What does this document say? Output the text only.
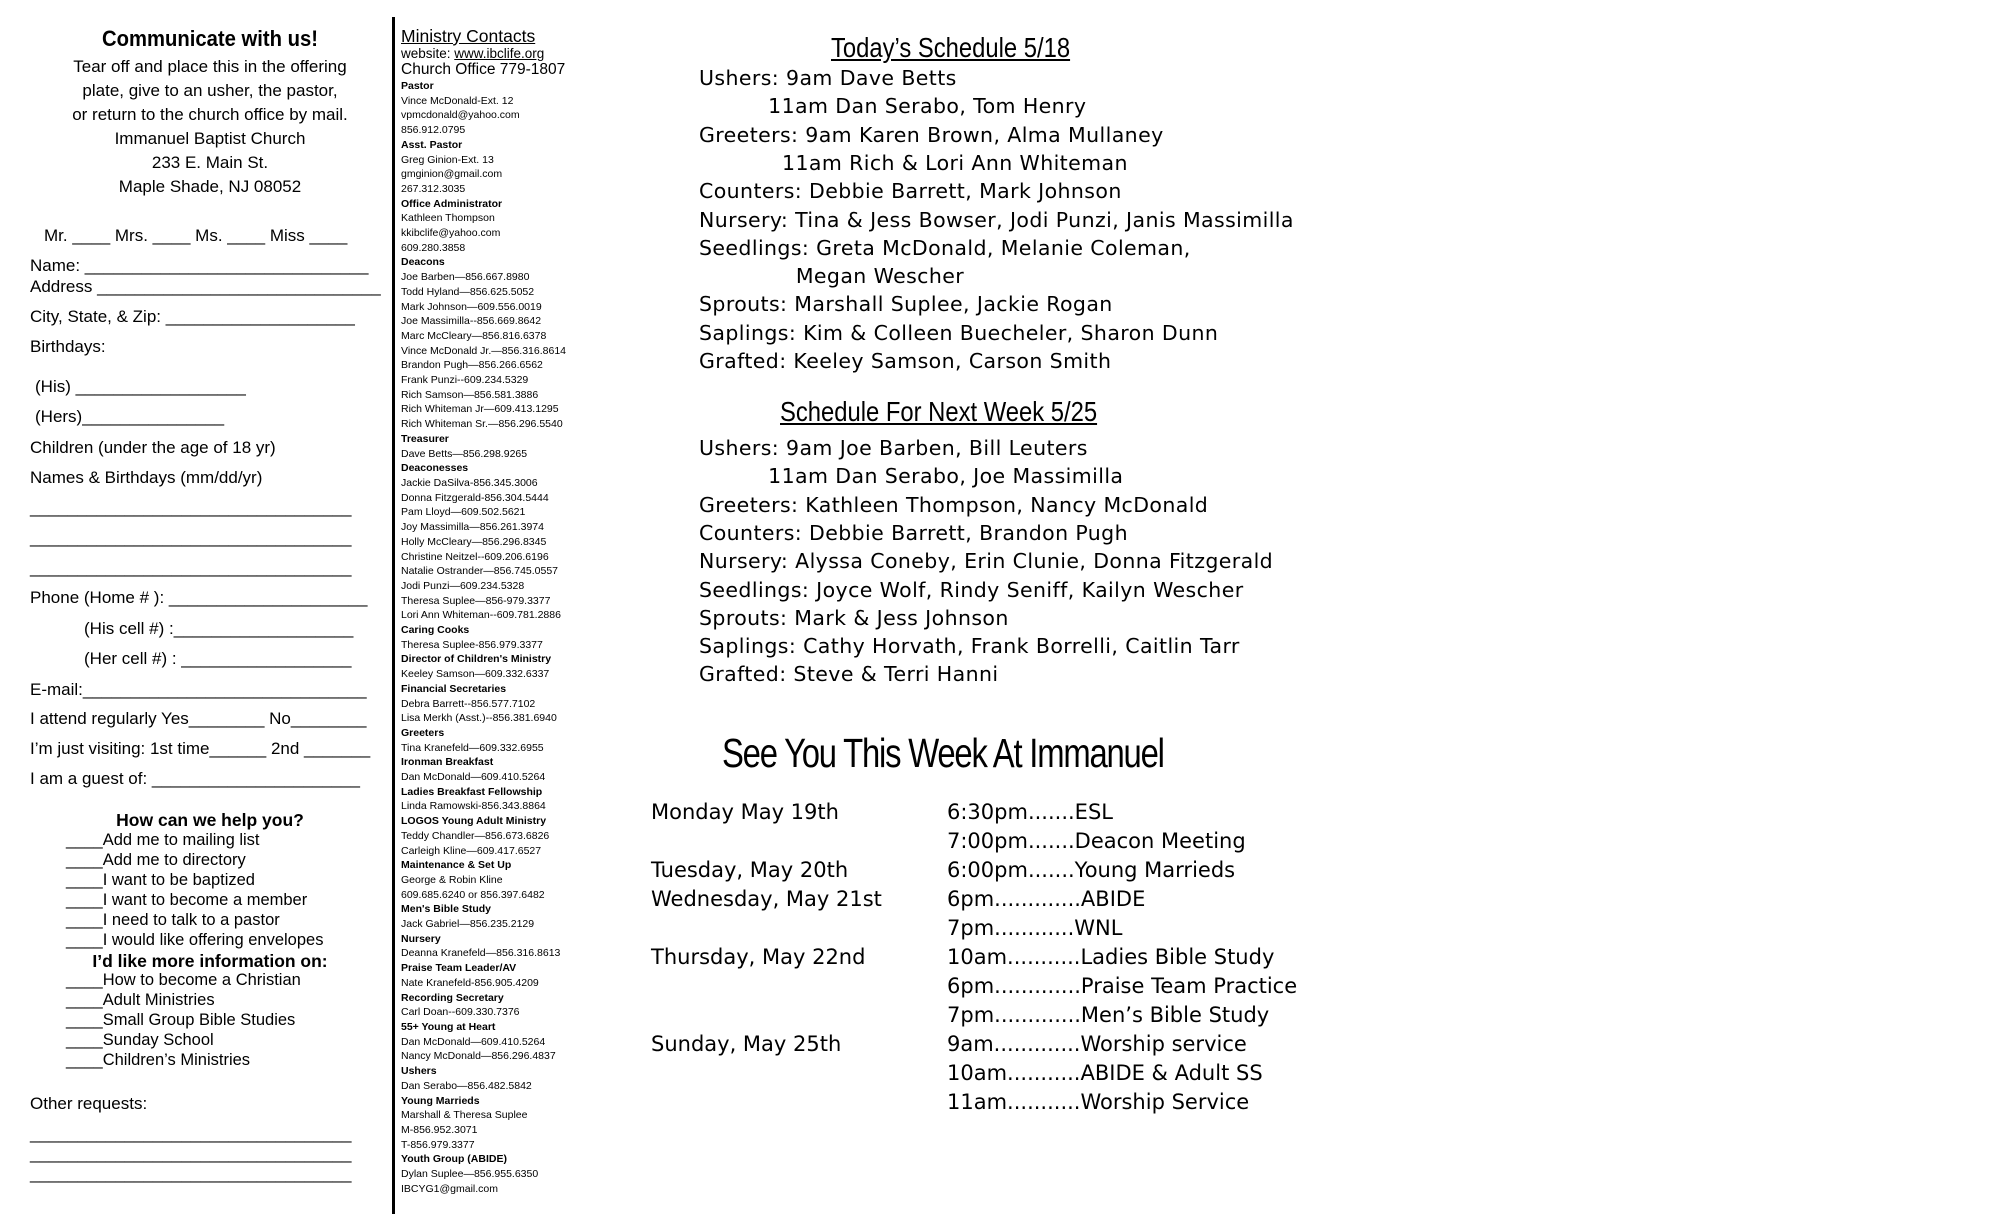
Communicate with us!
Tear off and place this in the offering
plate, give to an usher, the pastor,
or return to the church office by mail.
Immanuel Baptist Church
233 E. Main St.
Maple Shade, NJ 08052
Mr. ____ Mrs. ____ Ms. ____ Miss ____
Name: ______________________________
Address ______________________________
City, State, & Zip: ____________________
Birthdays:
(His) __________________
(Hers)_______________
Children (under the age of 18 yr)
Names & Birthdays (mm/dd/yr)
__________________________________
__________________________________
__________________________________
Phone (Home # ): _____________________
(His cell #) :___________________
(Her cell #) : __________________
E-mail:______________________________
I attend regularly Yes________ No________
I’m just visiting: 1st time______ 2nd _______
I am a guest of: ______________________
How can we help you?
____Add me to mailing list
____Add me to directory
____I want to be baptized
____I want to become a member
____I need to talk to a pastor
____I would like offering envelopes
I’d like more information on:
____How to become a Christian
____Adult Ministries
____Small Group Bible Studies
____Sunday School
____Children’s Ministries
Other requests:
__________________________________
__________________________________
__________________________________
Ministry Contacts
website: www.ibclife.org
Church Office 779-1807
Pastor
Vince McDonald-Ext. 12
vpmcdonald@yahoo.com
856.912.0795
Asst. Pastor
Greg Ginion-Ext. 13
gmginion@gmail.com
267.312.3035
Office Administrator
Kathleen Thompson
kkibclife@yahoo.com
609.280.3858
Deacons
Joe Barben—856.667.8980
Todd Hyland—856.625.5052
Mark Johnson—609.556.0019
Joe Massimilla--856.669.8642
Marc McCleary—856.816.6378
Vince McDonald Jr.—856.316.8614
Brandon Pugh—856.266.6562
Frank Punzi--609.234.5329
Rich Samson—856.581.3886
Rich Whiteman Jr—609.413.1295
Rich Whiteman Sr.—856.296.5540
Treasurer
Dave Betts—856.298.9265
Deaconesses
Jackie DaSilva-856.345.3006
Donna Fitzgerald-856.304.5444
Pam Lloyd—609.502.5621
Joy Massimilla—856.261.3974
Holly McCleary—856.296.8345
Christine Neitzel--609.206.6196
Natalie Ostrander—856.745.0557
Jodi Punzi—609.234.5328
Theresa Suplee—856-979.3377
Lori Ann Whiteman--609.781.2886
Caring Cooks
Theresa Suplee-856.979.3377
Director of Children's Ministry
Keeley Samson—609.332.6337
Financial Secretaries
Debra Barrett--856.577.7102
Lisa Merkh (Asst.)--856.381.6940
Greeters
Tina Kranefeld—609.332.6955
Ironman Breakfast
Dan McDonald—609.410.5264
Ladies Breakfast Fellowship
Linda Ramowski-856.343.8864
LOGOS Young Adult Ministry
Teddy Chandler—856.673.6826
Carleigh Kline—609.417.6527
Maintenance & Set Up
George & Robin Kline
609.685.6240 or 856.397.6482
Men's Bible Study
Jack Gabriel—856.235.2129
Nursery
Deanna Kranefeld—856.316.8613
Praise Team Leader/AV
Nate Kranefeld-856.905.4209
Recording Secretary
Carl Doan--609.330.7376
55+ Young at Heart
Dan McDonald—609.410.5264
Nancy McDonald—856.296.4837
Ushers
Dan Serabo—856.482.5842
Young Marrieds
Marshall & Theresa Suplee
M-856.952.3071
T-856.979.3377
Youth Group (ABIDE)
Dylan Suplee—856.955.6350
IBCYG1@gmail.com
Today’s Schedule 5/18
Ushers: 9am Dave Betts
11am Dan Serabo, Tom Henry
Greeters: 9am Karen Brown, Alma Mullaney
11am Rich & Lori Ann Whiteman
Counters: Debbie Barrett, Mark Johnson
Nursery: Tina & Jess Bowser, Jodi Punzi, Janis Massimilla
Seedlings: Greta McDonald, Melanie Coleman,
Megan Wescher
Sprouts: Marshall Suplee, Jackie Rogan
Saplings: Kim & Colleen Buecheler, Sharon Dunn
Grafted: Keeley Samson, Carson Smith
Schedule For Next Week 5/25
Ushers: 9am Joe Barben, Bill Leuters
11am Dan Serabo, Joe Massimilla
Greeters: Kathleen Thompson, Nancy McDonald
Counters: Debbie Barrett, Brandon Pugh
Nursery: Alyssa Coneby, Erin Clunie, Donna Fitzgerald
Seedlings: Joyce Wolf, Rindy Seniff, Kailyn Wescher
Sprouts: Mark & Jess Johnson
Saplings: Cathy Horvath, Frank Borrelli, Caitlin Tarr
Grafted: Steve & Terri Hanni
See You This Week At Immanuel
Monday May 19th
Tuesday, May 20th
Wednesday, May 21st
Thursday, May 22nd
Sunday, May 25th
6:30pm.......ESL
7:00pm.......Deacon Meeting
6:00pm.......Young Marrieds
6pm.............ABIDE
7pm............WNL
10am...........Ladies Bible Study
6pm.............Praise Team Practice
7pm.............Men’s Bible Study
9am.............Worship service
10am...........ABIDE & Adult SS
11am...........Worship Service
